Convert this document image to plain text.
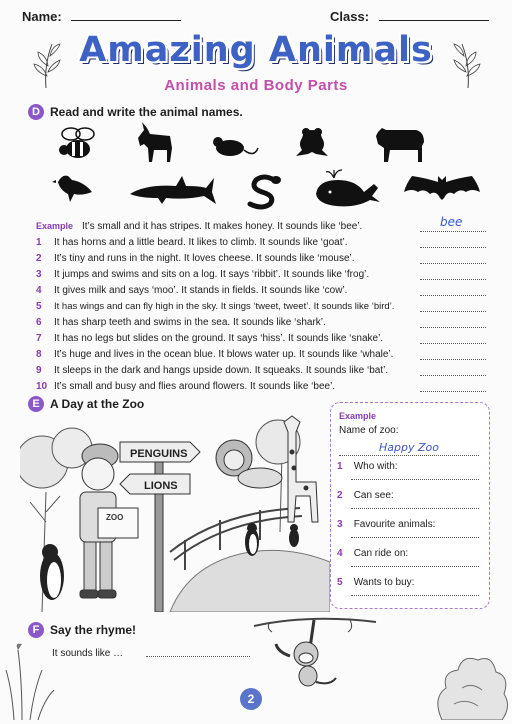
Name:	Class:
Amazing Animals
Animals and Body Parts
D Read and write the animal names.
Example It’s small and it has stripes. It makes honey. It sounds like ‘bee’.	bee
1	It has horns and a little beard. It likes to climb. It sounds like ‘goat’.
2	It’s tiny and runs in the night. It loves cheese. It sounds like ‘mouse’.
3	It jumps and swims and sits on a log. It says ‘ribbit’. It sounds like ‘frog’.
4	It gives milk and says ‘moo’. It stands in fields. It sounds like ‘cow’.
5	It has wings and can fly high in the sky. It sings ‘tweet, tweet’. It sounds like ‘bird’.
6	It has sharp teeth and swims in the sea. It sounds like ‘shark’.
7	It has no legs but slides on the ground. It says ‘hiss’. It sounds like ‘snake’.
8	It’s huge and lives in the ocean blue. It blows water up. It sounds like ‘whale’.
9	It sleeps in the dark and hangs upside down. It squeaks. It sounds like ‘bat’.
10 It’s small and busy and flies around flowers. It sounds like ‘bee’.
E A Day at the Zoo
PENGUINS
LIONS
ZOO
Example
Name of zoo:
Happy Zoo
1 Who with:
2 Can see:
3 Favourite animals:
4 Can ride on:
5 Wants to buy:
F Say the rhyme!
It sounds like …
2
